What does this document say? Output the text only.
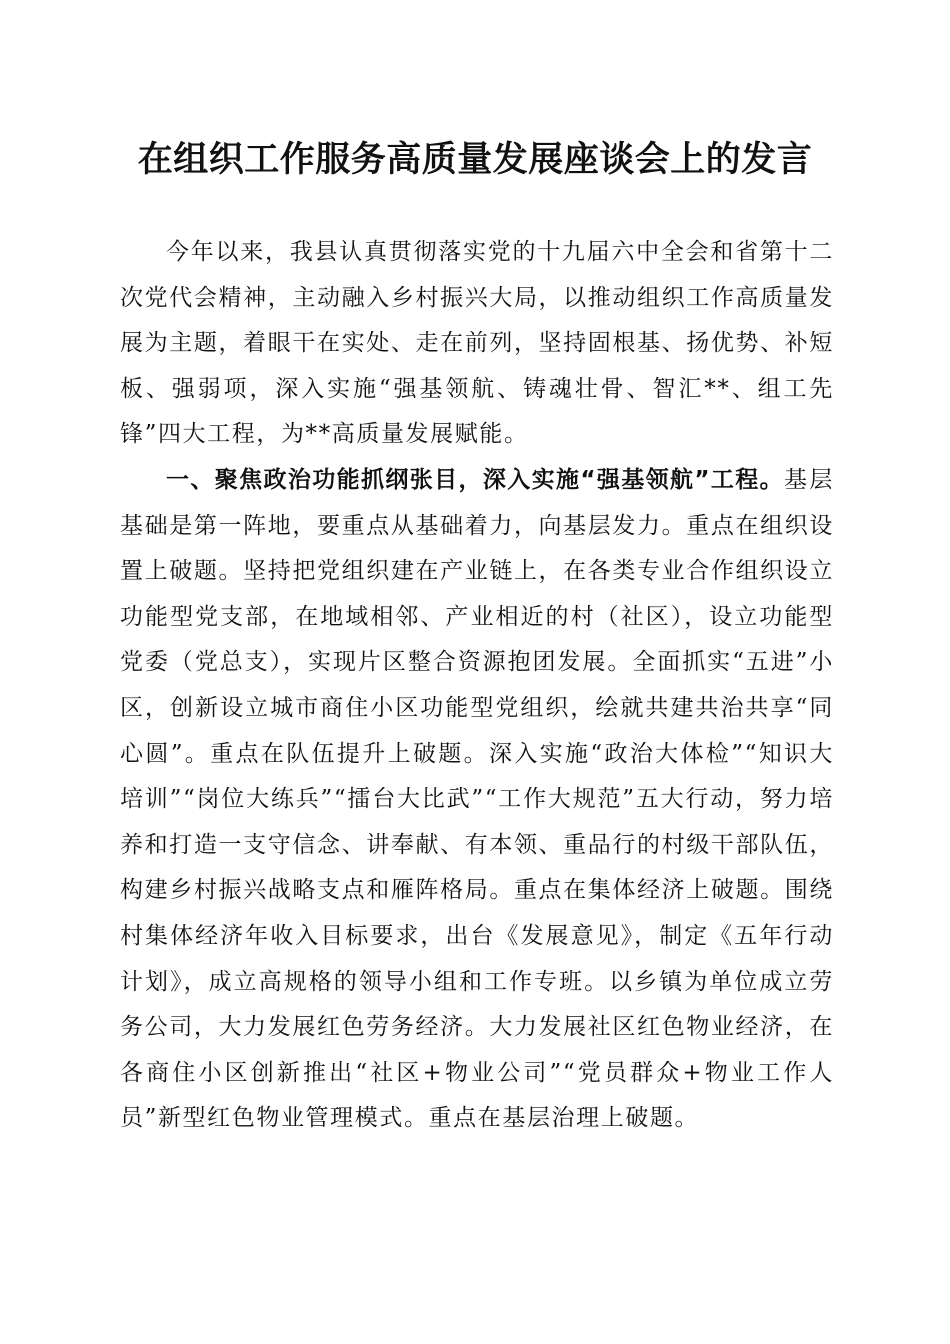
在组织工作服务高质量发展座谈会上的发言

今年以来，我县认真贯彻落实党的十九届六中全会和省第十二次党代会精神，主动融入乡村振兴大局，以推动组织工作高质量发展为主题，着眼干在实处、走在前列，坚持固根基、扬优势、补短板、强弱项，深入实施“强基领航、铸魂壮骨、智汇**、组工先锋”四大工程，为**高质量发展赋能。

一、聚焦政治功能抓纲张目，深入实施“强基领航”工程。基层基础是第一阵地，要重点从基础着力，向基层发力。重点在组织设置上破题。坚持把党组织建在产业链上，在各类专业合作组织设立功能型党支部，在地域相邻、产业相近的村（社区），设立功能型党委（党总支），实现片区整合资源抱团发展。全面抓实“五进”小区，创新设立城市商住小区功能型党组织，绘就共建共治共享“同心圆”。重点在队伍提升上破题。深入实施“政治大体检”“知识大培训”“岗位大练兵”“擂台大比武”“工作大规范”五大行动，努力培养和打造一支守信念、讲奉献、有本领、重品行的村级干部队伍，构建乡村振兴战略支点和雁阵格局。重点在集体经济上破题。围绕村集体经济年收入目标要求，出台《发展意见》，制定《五年行动计划》，成立高规格的领导小组和工作专班。以乡镇为单位成立劳务公司，大力发展红色劳务经济。大力发展社区红色物业经济，在各商住小区创新推出“社区+物业公司”“党员群众+物业工作人员”新型红色物业管理模式。重点在基层治理上破题。
